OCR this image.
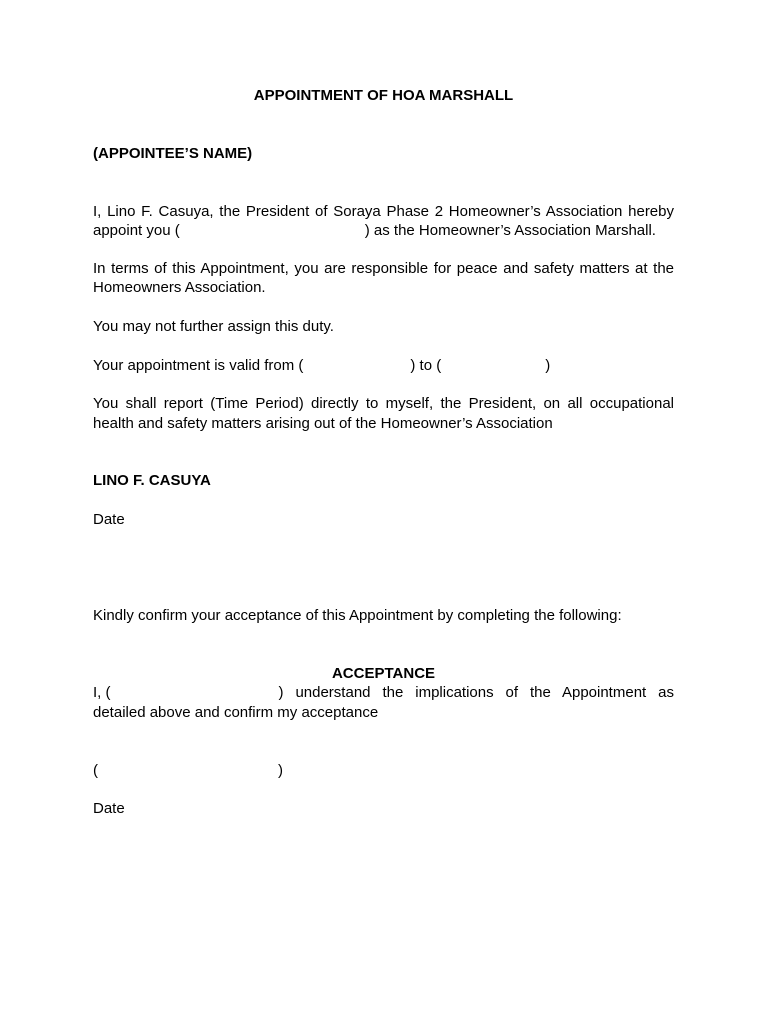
APPOINTMENT OF HOA MARSHALL
(APPOINTEE’S NAME)
I, Lino F. Casuya, the President of Soraya Phase 2 Homeowner’s Association hereby
appoint you (	) as the Homeowner’s Association Marshall.
In terms of this Appointment, you are responsible for peace and safety matters at the
Homeowners Association.
You may not further assign this duty.
Your appointment is valid from (	) to (	)
You shall report (Time Period) directly to myself, the President, on all occupational
health and safety matters arising out of the Homeowner’s Association
LINO F. CASUYA
Date
Kindly confirm your acceptance of this Appointment by completing the following:
ACCEPTANCE
I, (	) understand the implications of the Appointment as
detailed above and confirm my acceptance
(	)
Date
